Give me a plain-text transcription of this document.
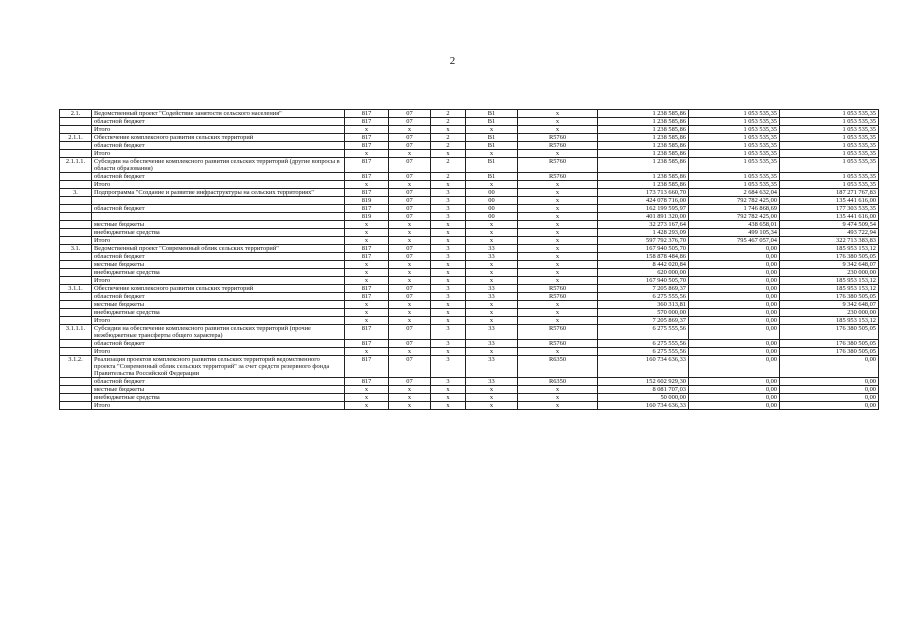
2
2.1.	Ведомственный проект "Содействие занятости сельского населения"	817	07	2	В1	х	1 238 585,86	1 053 535,35	1 053 535,35
	областной бюджет	817	07	2	В1	х	1 238 585,86	1 053 535,35	1 053 535,35
	Итого	х	х	х	х	х	1 238 585,86	1 053 535,35	1 053 535,35
2.1.1.	Обеспечение комплексного развития сельских территорий	817	07	2	В1	R5760	1 238 585,86	1 053 535,35	1 053 535,35
	областной бюджет	817	07	2	В1	R5760	1 238 585,86	1 053 535,35	1 053 535,35
	Итого	х	х	х	х	х	1 238 585,86	1 053 535,35	1 053 535,35
2.1.1.1.	Субсидии на обеспечение комплексного развития сельских территорий (другие вопросы в области образования)	817	07	2	В1	R5760	1 238 585,86	1 053 535,35	1 053 535,35
	областной бюджет	817	07	2	В1	R5760	1 238 585,86	1 053 535,35	1 053 535,35
	Итого	х	х	х	х	х	1 238 585,86	1 053 535,35	1 053 535,35
3.	Подпрограмма "Создание и развитие инфраструктуры на сельских территориях"	817	07	3	00	х	173 713 660,70	2 684 632,04	187 271 767,83
		819	07	3	00	х	424 078 716,00	792 782 425,00	135 441 616,00
	областной бюджет	817	07	3	00	х	162 199 595,97	1 746 868,69	177 303 535,35
		819	07	3	00	х	401 891 320,00	792 782 425,00	135 441 616,00
	местные бюджеты	х	х	х	х	х	32 273 167,64	438 658,01	9 474 509,54
	внебюджетные средства	х	х	х	х	х	1 428 293,09	499 105,34	493 722,94
	Итого	х	х	х	х	х	597 792 376,70	795 467 057,04	322 713 383,83
3.1.	Ведомственный проект "Современный облик сельских территорий"	817	07	3	33	х	167 940 505,70	0,00	185 953 153,12
	областной бюджет	817	07	3	33	х	158 878 484,86	0,00	176 380 505,05
	местные бюджеты	х	х	х	х	х	8 442 020,84	0,00	9 342 648,07
	внебюджетные средства	х	х	х	х	х	620 000,00	0,00	230 000,00
	Итого	х	х	х	х	х	167 940 505,70	0,00	185 953 153,12
3.1.1.	Обеспечение комплексного развития сельских территорий	817	07	3	33	R5760	7 205 869,37	0,00	185 953 153,12
	областной бюджет	817	07	3	33	R5760	6 275 555,56	0,00	176 380 505,05
	местные бюджеты	х	х	х	х	х	360 313,81	0,00	9 342 648,07
	внебюджетные средства	х	х	х	х	х	570 000,00	0,00	230 000,00
	Итого	х	х	х	х	х	7 205 869,37	0,00	185 953 153,12
3.1.1.1.	Субсидии на обеспечение комплексного развития сельских территорий (прочие межбюджетные трансферты общего характера)	817	07	3	33	R5760	6 275 555,56	0,00	176 380 505,05
	областной бюджет	817	07	3	33	R5760	6 275 555,56	0,00	176 380 505,05
	Итого	х	х	х	х	х	6 275 555,56	0,00	176 380 505,05
3.1.2.	Реализация проектов комплексного развития сельских территорий ведомственного проекта "Современный облик сельских территорий" за счет средств резервного фонда Правительства Российской Федерации	817	07	3	33	R6350	160 734 636,33	0,00	0,00
	областной бюджет	817	07	3	33	R6350	152 602 929,30	0,00	0,00
	местные бюджеты	х	х	х	х	х	8 081 707,03	0,00	0,00
	внебюджетные средства	х	х	х	х	х	50 000,00	0,00	0,00
	Итого	х	х	х	х	х	160 734 636,33	0,00	0,00
